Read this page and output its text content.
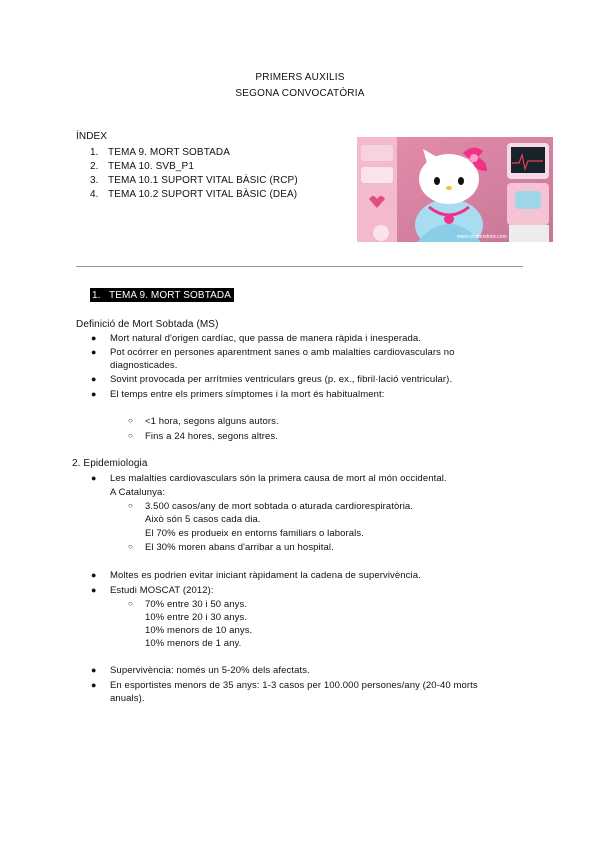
PRIMERS AUXILIS
SEGONA CONVOCATÒRIA
ÍNDEX
1. TEMA 9. MORT SOBTADA
2. TEMA 10. SVB_P1
3. TEMA 10.1 SUPORT VITAL BÀSIC (RCP)
4. TEMA 10.2 SUPORT VITAL BÀSIC (DEA)
www.shutterstock.com
1. TEMA 9. MORT SOBTADA
Definició de Mort Sobtada (MS)
● Mort natural d'origen cardíac, que passa de manera ràpida i inesperada.
● Pot ocórrer en persones aparentment sanes o amb malalties cardiovasculars no
diagnosticades.
● Sovint provocada per arrítmies ventriculars greus (p. ex., fibril·lació ventricular).
● El temps entre els primers símptomes i la mort és habitualment:
○ <1 hora, segons alguns autors.
○ Fins a 24 hores, segons altres.
2. Epidemiologia
● Les malalties cardiovasculars són la primera causa de mort al món occidental.
A Catalunya:
○ 3.500 casos/any de mort sobtada o aturada cardiorespiratòria.
Això són 5 casos cada dia.
El 70% es produeix en entorns familiars o laborals.
○ El 30% moren abans d'arribar a un hospital.
● Moltes es podrien evitar iniciant ràpidament la cadena de supervivència.
● Estudi MOSCAT (2012):
○ 70% entre 30 i 50 anys.
10% entre 20 i 30 anys.
10% menors de 10 anys.
10% menors de 1 any.
● Supervivència: només un 5-20% dels afectats.
● En esportistes menors de 35 anys: 1-3 casos per 100.000 persones/any (20-40 morts
anuals).
